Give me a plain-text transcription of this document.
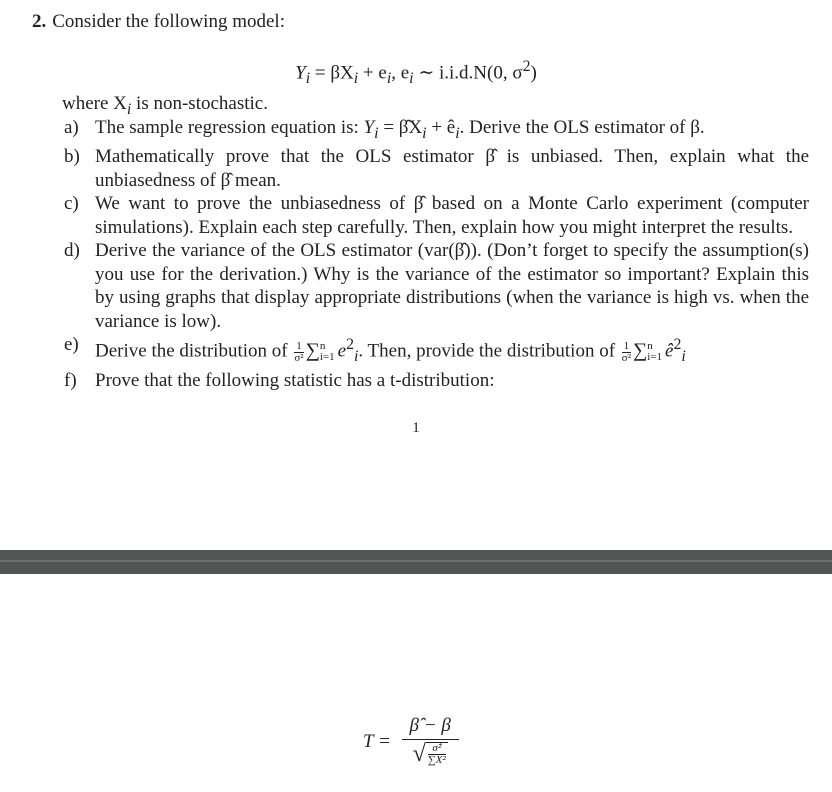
2. Consider the following model:
$Y_i = \beta X_i + e_i$, $e_i$ ∼ i.i.d.N(0, $\sigma^2$)
where $X_i$ is non-stochastic.
a) The sample regression equation is: $Y_i$ = $\betâX_i$ + $ê_i$. Derive the OLS estimator of β.
b) Mathematically prove that the OLS estimator β̂ is unbiased. Then, explain what the unbiasedness of β̂ mean.
c) We want to prove the unbiasedness of β̂ based on a Monte Carlo experiment (computer simulations). Explain each step carefully. Then, explain how you might interpret the results.
d) Derive the variance of the OLS estimator (var(β̂)). (Don’t forget to specify the assumption(s) you use for the derivation.) Why is the variance of the estimator so important? Explain this by using graphs that display appropriate distributions (when the variance is high vs. when the variance is low).
e) Derive the distribution of $\frac{1}{\text{σ²}}$ ∑ n
i=1 $e^2_i$. Then, provide the distribution of $\frac{1}{\text{σ²}}$ ∑ n
i=1 $ê^2_i$
f) Prove that the following statistic has a t-distribution:
1
$T = \frac{\betâ - \beta}{√ \frac{\text{σ̂²}}{\text{∑X²}}}$
